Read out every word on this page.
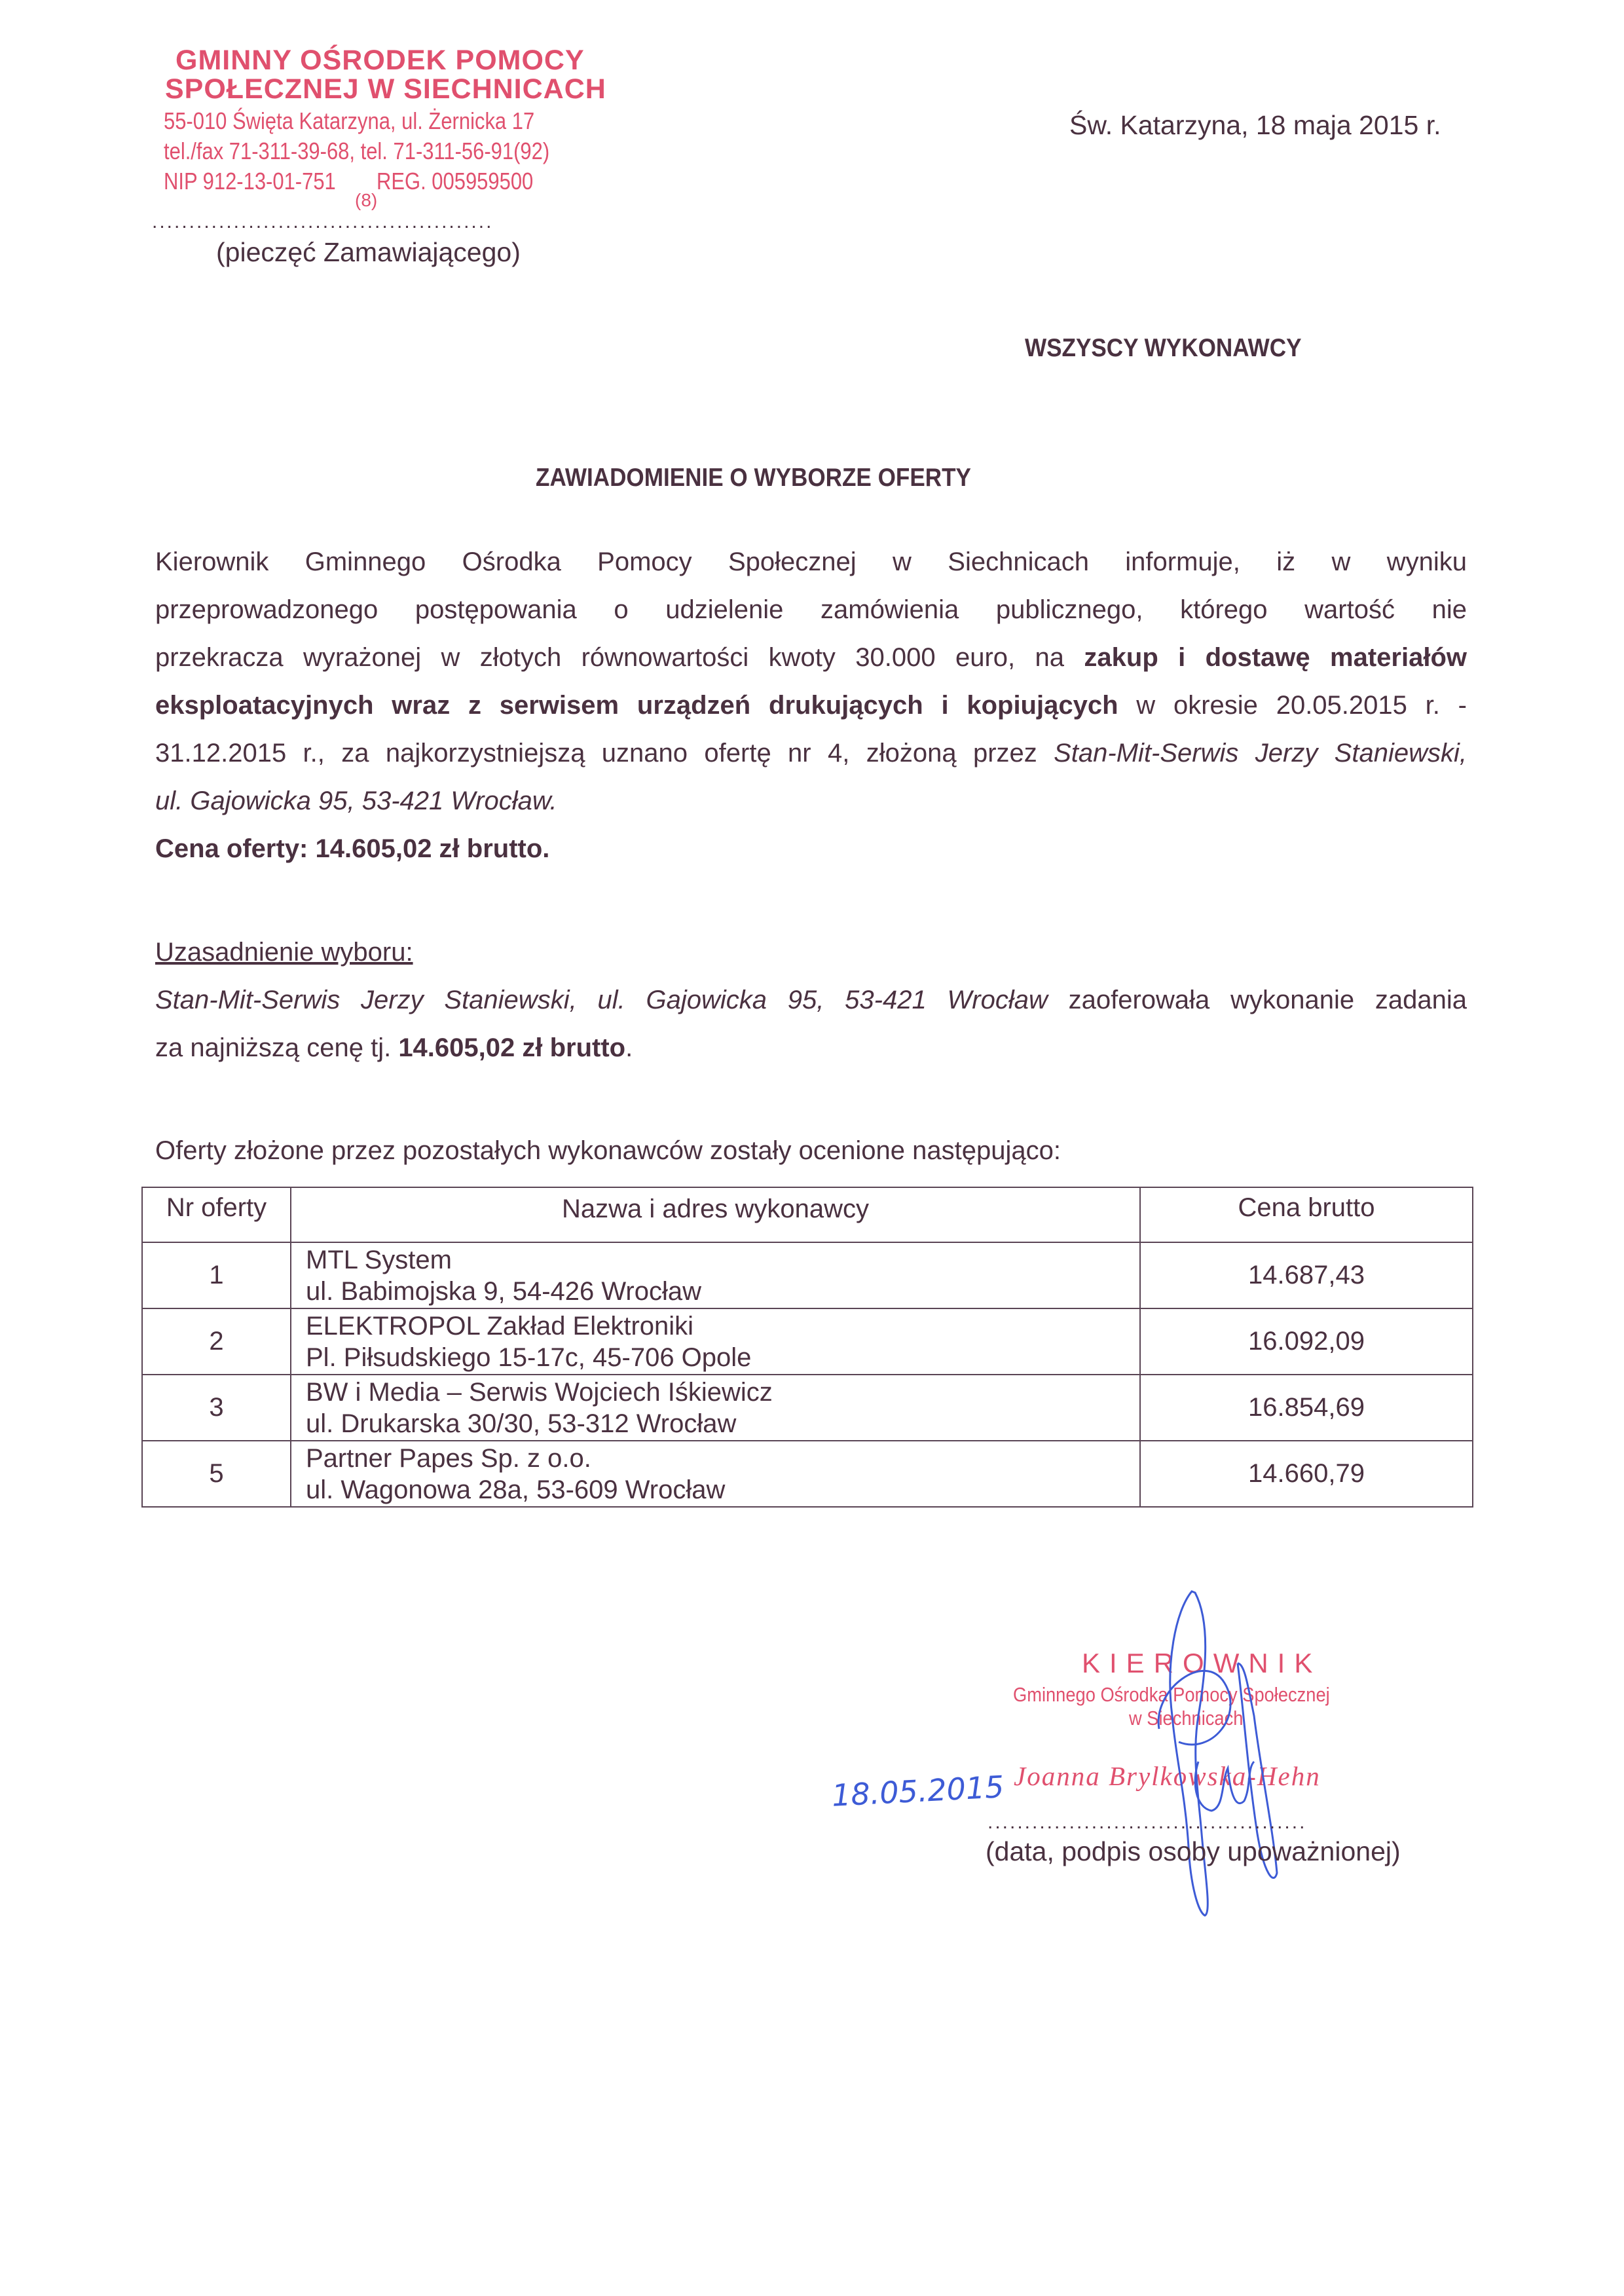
GMINNY OŚRODEK POMOCY
SPOŁECZNEJ W SIECHNICACH
55-010 Święta Katarzyna, ul. Żernicka 17
tel./fax 71-311-39-68, tel. 71-311-56-91(92)
NIP 912-13-01-751 REG. 005959500
(8)
..............................................
(pieczęć Zamawiającego)
Św. Katarzyna, 18 maja 2015 r.
WSZYSCY WYKONAWCY
ZAWIADOMIENIE O WYBORZE OFERTY
Kierownik Gminnego Ośrodka Pomocy Społecznej w Siechnicach informuje, iż w wyniku
przeprowadzonego postępowania o udzielenie zamówienia publicznego, którego wartość nie
przekracza wyrażonej w złotych równowartości kwoty 30.000 euro, na zakup i dostawę materiałów
eksploatacyjnych wraz z serwisem urządzeń drukujących i kopiujących w okresie 20.05.2015 r. -
31.12.2015 r., za najkorzystniejszą uznano ofertę nr 4, złożoną przez Stan-Mit-Serwis Jerzy Staniewski,
ul. Gajowicka 95, 53-421 Wrocław.
Cena oferty: 14.605,02 zł brutto.
Uzasadnienie wyboru:
Stan-Mit-Serwis Jerzy Staniewski, ul. Gajowicka 95, 53-421 Wrocław zaoferowała wykonanie zadania
za najniższą cenę tj. 14.605,02 zł brutto.
Oferty złożone przez pozostałych wykonawców zostały ocenione następująco:
Nr oferty	Nazwa i adres wykonawcy	Cena brutto
1	MTL System
ul. Babimojska 9, 54-426 Wrocław	14.687,43
2	ELEKTROPOL Zakład Elektroniki
Pl. Piłsudskiego 15-17c, 45-706 Opole	16.092,09
3	BW i Media – Serwis Wojciech Iśkiewicz
ul. Drukarska 30/30, 53-312 Wrocław	16.854,69
5	Partner Papes Sp. z o.o.
ul. Wagonowa 28a, 53-609 Wrocław	14.660,79
KIEROWNIK
Gminnego Ośrodka Pomocy Społecznej
w Siechnicach
Joanna Brylkowska-Hehn
18.05.2015
...........................................
(data, podpis osoby upoważnionej)
